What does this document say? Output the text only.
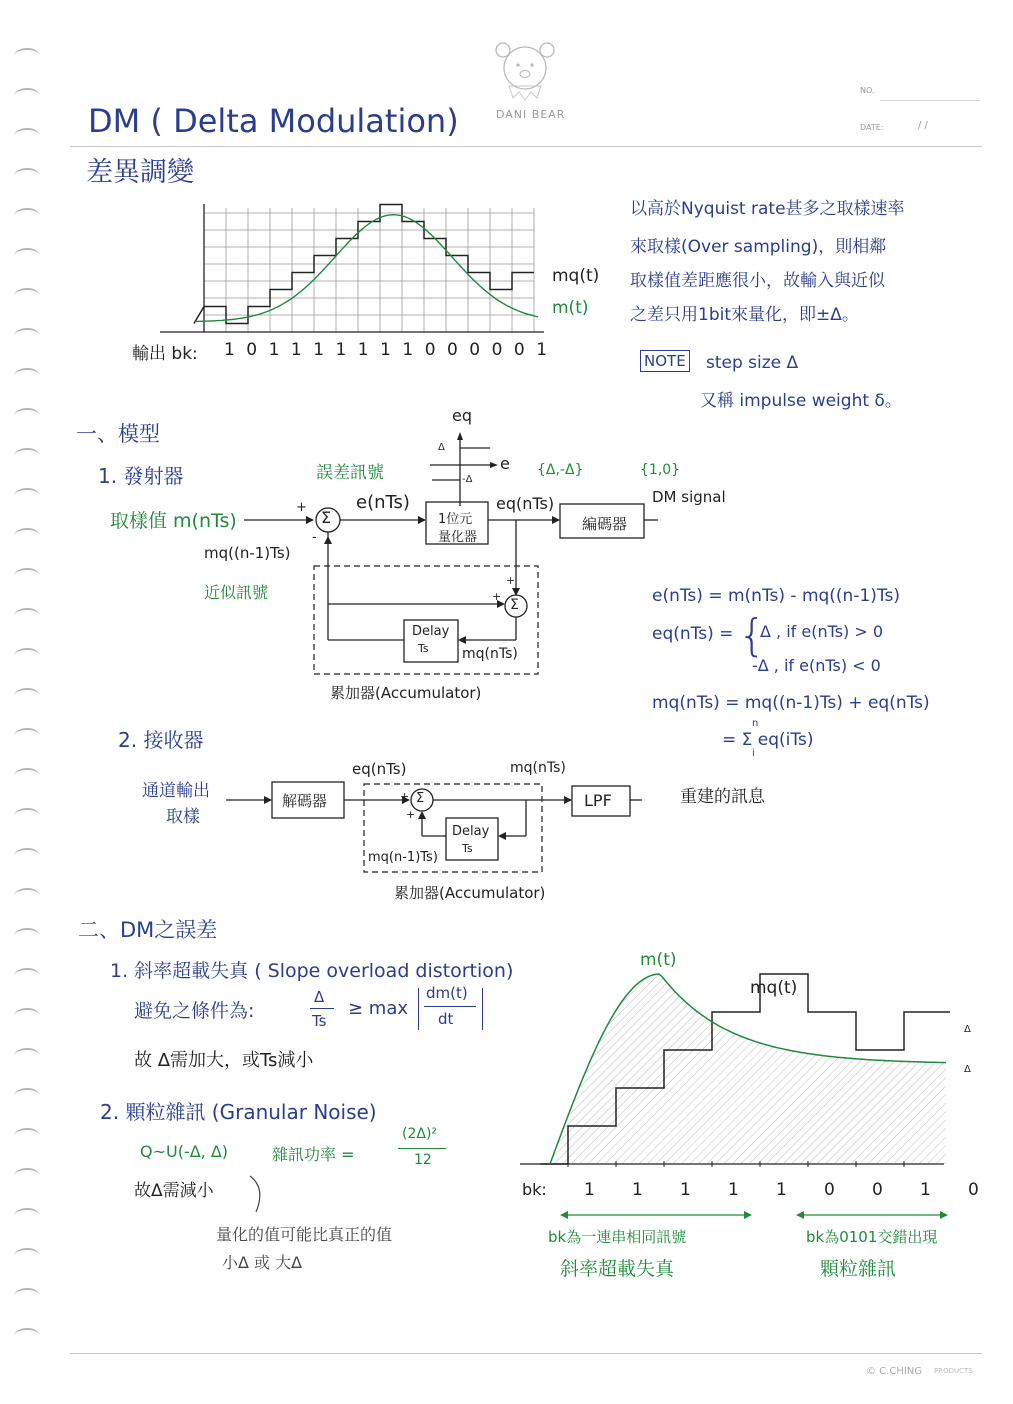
DANI BEAR
NO.
DATE:	/ /
DM ( Delta Modulation)
差異調變
mq(t)
m(t)
輸出 bk: 1 0 1 1 1 1 1 1 1 0 0 0 0 0 1
以高於Nyquist rate甚多之取樣速率
來取樣(Over sampling)，則相鄰
取樣值差距應很小，故輸入與近似
之差只用1bit來量化，即±Δ。
NOTE step size Δ
又稱 impulse weight δ。
一、模型
1. 發射器
eq
e
Δ
-Δ
誤差訊號
e(nTs)	eq(nTs)
{Δ,-Δ}	{1,0}
DM signal
取樣值 m(nTs)	Σ
+
-
1位元
量化器
編碼器
mq((n-1)Ts)
近似訊號
Σ
+
+
Delay
Ts mq(nTs)
累加器(Accumulator)
e(nTs) = m(nTs) - mq((n-1)Ts)
eq(nTs) = {
Δ , if e(nTs) > 0
-Δ , if e(nTs) < 0
mq(nTs) = mq((n-1)Ts) + eq(nTs)
= Σ eq(iTs)
n
i
2. 接收器
通道輸出
取樣
eq(nTs)	mq(nTs)
解碼器	Σ
+
+
LPF	重建的訊息
Delay
Ts
mq(n-1)Ts)
累加器(Accumulator)
二、DM之誤差
1. 斜率超載失真 ( Slope overload distortion)
避免之條件為:
Δ
Ts
≥ max
dm(t)
dt
故 Δ需加大，或Ts減小
2. 顆粒雜訊 (Granular Noise)
Q~U(-Δ, Δ)	雜訊功率 =
(2Δ)²
12
故Δ需減小
量化的值可能比真正的值
小Δ 或 大Δ
m(t)
mq(t)
Δ
Δ
bk: 1 1 1 1 1 0 0 1 0
bk為一連串相同訊號
斜率超載失真
bk為0101交錯出現
顆粒雜訊
© C.CHING PRODUCTS
